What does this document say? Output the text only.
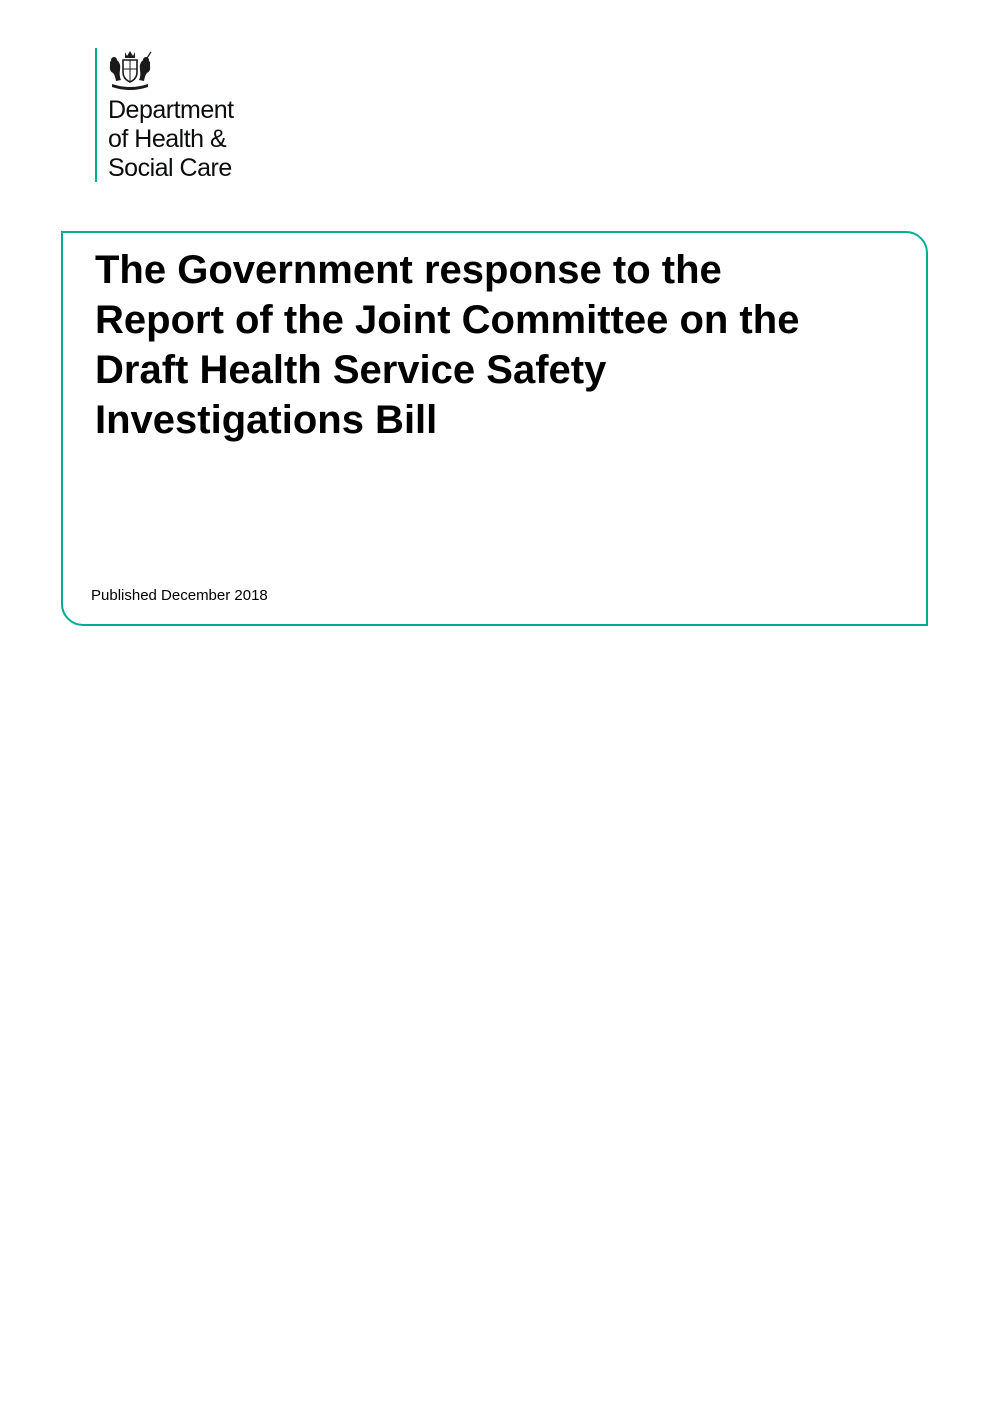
Department
of Health &
Social Care
The Government response to the
Report of the Joint Committee on the
Draft Health Service Safety
Investigations Bill
Published December 2018
